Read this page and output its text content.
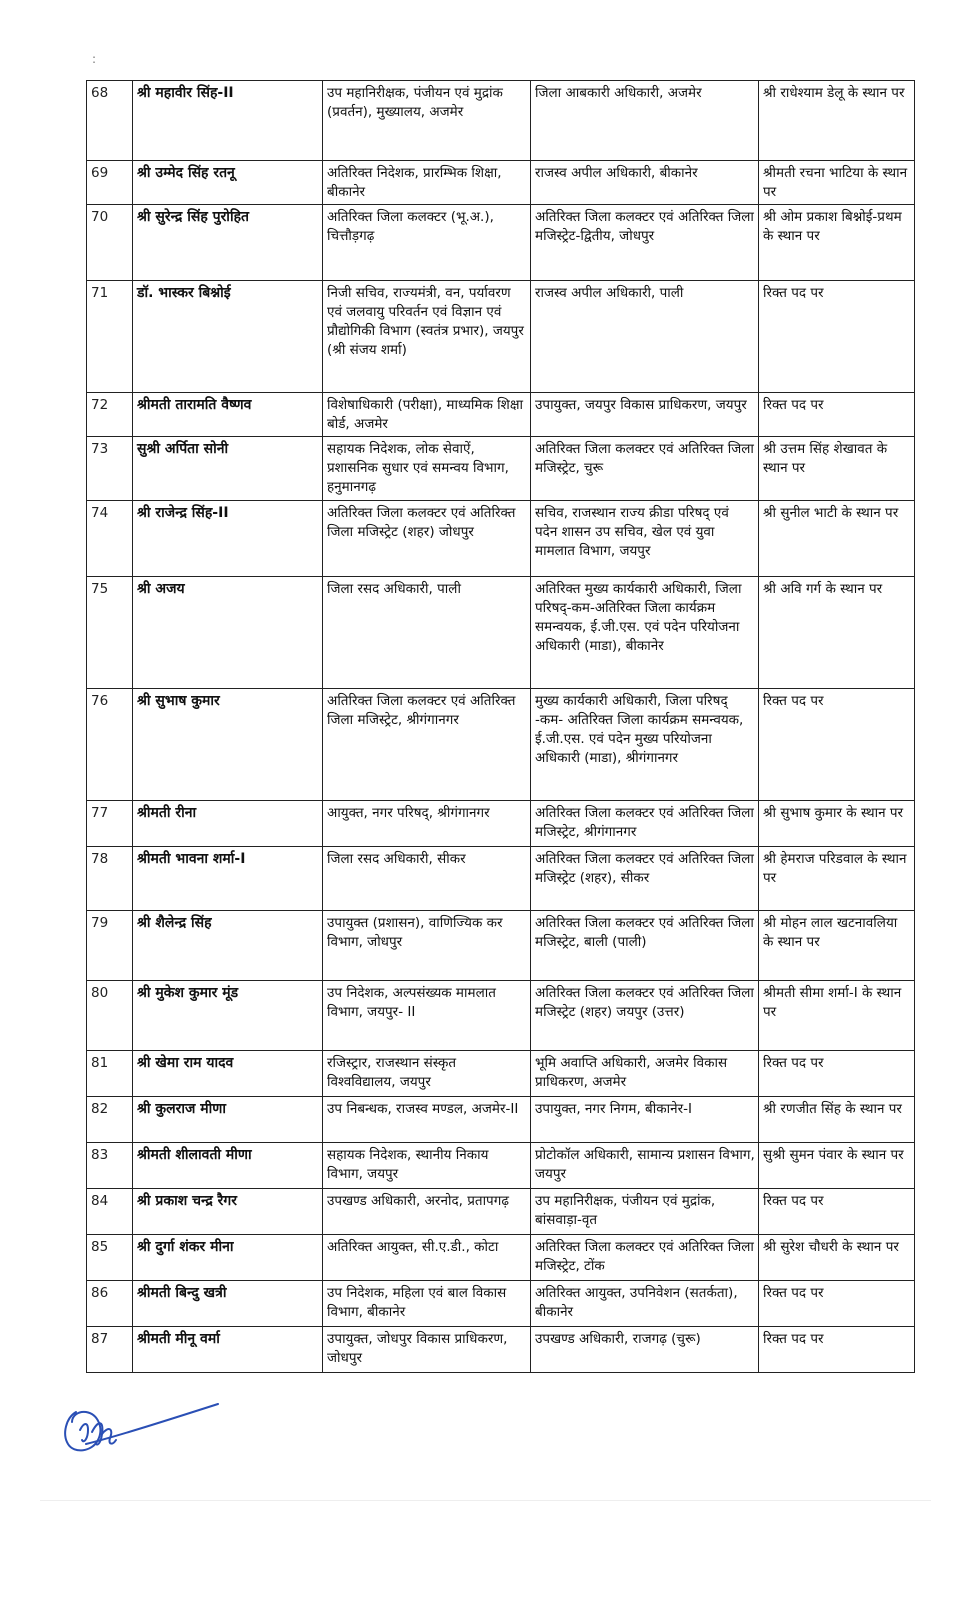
:
68	श्री महावीर सिंह-II	उप महानिरीक्षक, पंजीयन एवं मुद्रांक (प्रवर्तन), मुख्यालय, अजमेर	जिला आबकारी अधिकारी, अजमेर	श्री राधेश्याम डेलू के स्थान पर
69	श्री उम्मेद सिंह रतनू	अतिरिक्त निदेशक, प्रारम्भिक शिक्षा, बीकानेर	राजस्व अपील अधिकारी, बीकानेर	श्रीमती रचना भाटिया के स्थान पर
70	श्री सुरेन्द्र सिंह पुरोहित	अतिरिक्त जिला कलक्टर (भू.अ.), चित्तौड़गढ़	अतिरिक्त जिला कलक्टर एवं अतिरिक्त जिला मजिस्ट्रेट-द्वितीय, जोधपुर	श्री ओम प्रकाश बिश्नोई-प्रथम के स्थान पर
71	डॉ. भास्कर बिश्नोई	निजी सचिव, राज्यमंत्री, वन, पर्यावरण एवं जलवायु परिवर्तन एवं विज्ञान एवं प्रौद्योगिकी विभाग (स्वतंत्र प्रभार), जयपुर (श्री संजय शर्मा)	राजस्व अपील अधिकारी, पाली	रिक्त पद पर
72	श्रीमती तारामति वैष्णव	विशेषाधिकारी (परीक्षा), माध्यमिक शिक्षा बोर्ड, अजमेर	उपायुक्त, जयपुर विकास प्राधिकरण, जयपुर	रिक्त पद पर
73	सुश्री अर्पिता सोनी	सहायक निदेशक, लोक सेवाऐं, प्रशासनिक सुधार एवं समन्वय विभाग, हनुमानगढ़	अतिरिक्त जिला कलक्टर एवं अतिरिक्त जिला मजिस्ट्रेट, चुरू	श्री उत्तम सिंह शेखावत के स्थान पर
74	श्री राजेन्द्र सिंह-II	अतिरिक्त जिला कलक्टर एवं अतिरिक्त जिला मजिस्ट्रेट (शहर) जोधपुर	सचिव, राजस्थान राज्य क्रीडा परिषद् एवं पदेन शासन उप सचिव, खेल एवं युवा मामलात विभाग, जयपुर	श्री सुनील भाटी के स्थान पर
75	श्री अजय	जिला रसद अधिकारी, पाली	अतिरिक्त मुख्य कार्यकारी अधिकारी, जिला परिषद्-कम-अतिरिक्त जिला कार्यक्रम समन्वयक, ई.जी.एस. एवं पदेन परियोजना अधिकारी (माडा), बीकानेर	श्री अवि गर्ग के स्थान पर
76	श्री सुभाष कुमार	अतिरिक्त जिला कलक्टर एवं अतिरिक्त जिला मजिस्ट्रेट, श्रीगंगानगर	मुख्य कार्यकारी अधिकारी, जिला परिषद् -कम- अतिरिक्त जिला कार्यक्रम समन्वयक, ई.जी.एस. एवं पदेन मुख्य परियोजना अधिकारी (माडा), श्रीगंगानगर	रिक्त पद पर
77	श्रीमती रीना	आयुक्त, नगर परिषद्, श्रीगंगानगर	अतिरिक्त जिला कलक्टर एवं अतिरिक्त जिला मजिस्ट्रेट, श्रीगंगानगर	श्री सुभाष कुमार के स्थान पर
78	श्रीमती भावना शर्मा-I	जिला रसद अधिकारी, सीकर	अतिरिक्त जिला कलक्टर एवं अतिरिक्त जिला मजिस्ट्रेट (शहर), सीकर	श्री हेमराज परिडवाल के स्थान पर
79	श्री शैलेन्द्र सिंह	उपायुक्त (प्रशासन), वाणिज्यिक कर विभाग, जोधपुर	अतिरिक्त जिला कलक्टर एवं अतिरिक्त जिला मजिस्ट्रेट, बाली (पाली)	श्री मोहन लाल खटनावलिया के स्थान पर
80	श्री मुकेश कुमार मूंड	उप निदेशक, अल्पसंख्यक मामलात विभाग, जयपुर- II	अतिरिक्त जिला कलक्टर एवं अतिरिक्त जिला मजिस्ट्रेट (शहर) जयपुर (उत्तर)	श्रीमती सीमा शर्मा-I के स्थान पर
81	श्री खेमा राम यादव	रजिस्ट्रार, राजस्थान संस्कृत विश्वविद्यालय, जयपुर	भूमि अवाप्ति अधिकारी, अजमेर विकास प्राधिकरण, अजमेर	रिक्त पद पर
82	श्री कुलराज मीणा	उप निबन्धक, राजस्व मण्डल, अजमेर-II	उपायुक्त, नगर निगम, बीकानेर-I	श्री रणजीत सिंह के स्थान पर
83	श्रीमती शीलावती मीणा	सहायक निदेशक, स्थानीय निकाय विभाग, जयपुर	प्रोटोकॉल अधिकारी, सामान्य प्रशासन विभाग, जयपुर	सुश्री सुमन पंवार के स्थान पर
84	श्री प्रकाश चन्द्र रैगर	उपखण्ड अधिकारी, अरनोद, प्रतापगढ़	उप महानिरीक्षक, पंजीयन एवं मुद्रांक, बांसवाड़ा-वृत	रिक्त पद पर
85	श्री दुर्गा शंकर मीना	अतिरिक्त आयुक्त, सी.ए.डी., कोटा	अतिरिक्त जिला कलक्टर एवं अतिरिक्त जिला मजिस्ट्रेट, टोंक	श्री सुरेश चौधरी के स्थान पर
86	श्रीमती बिन्दु खत्री	उप निदेशक, महिला एवं बाल विकास विभाग, बीकानेर	अतिरिक्त आयुक्त, उपनिवेशन (सतर्कता), बीकानेर	रिक्त पद पर
87	श्रीमती मीनू वर्मा	उपायुक्त, जोधपुर विकास प्राधिकरण, जोधपुर	उपखण्ड अधिकारी, राजगढ़ (चुरू)	रिक्त पद पर
